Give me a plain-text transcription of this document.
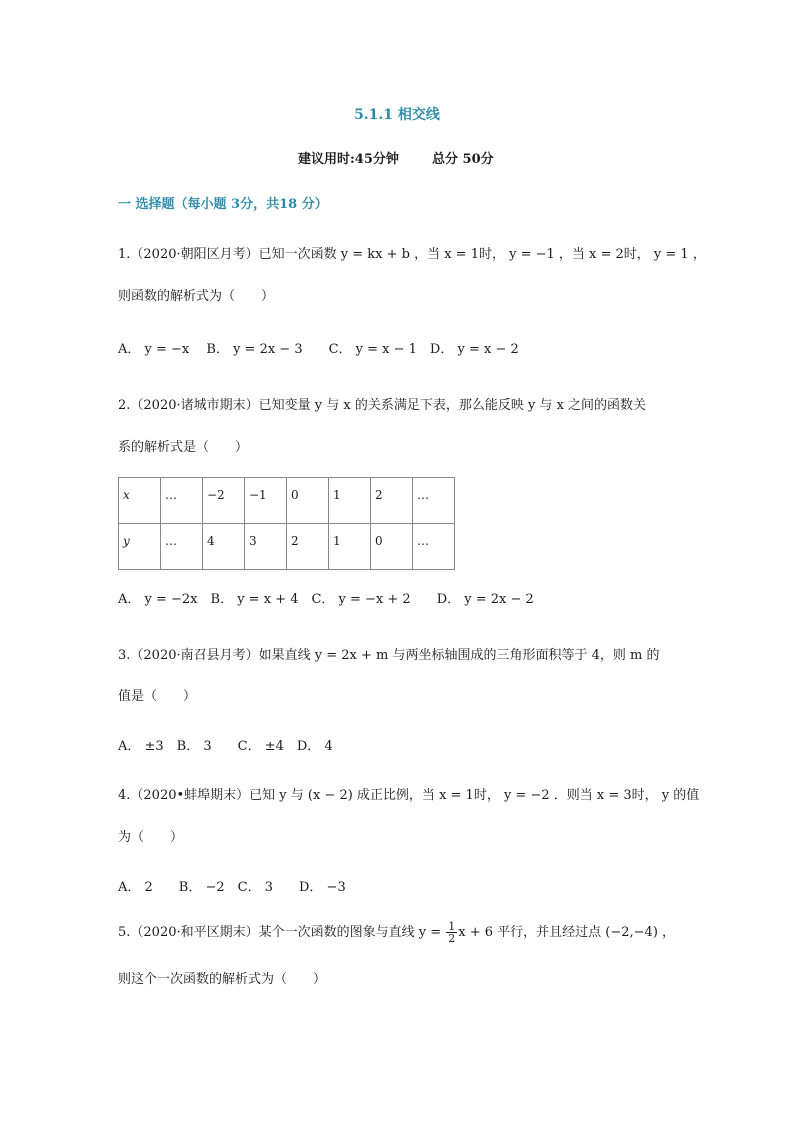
5.1.1 相交线
建议用时:45分钟	总分 50分
一 选择题（每小题 3分，共18 分）
1.（2020·朝阳区月考）已知一次函数 y = kx + b ，当 x = 1时， y = −1 ，当 x = 2时， y = 1 ，
则函数的解析式为（　　）
A． y = −x　 B． y = 2x − 3　　C． y = x − 1　D． y = x − 2
2.（2020·诸城市期末）已知变量 y 与 x 的关系满足下表，那么能反映 y 与 x 之间的函数关
系的解析式是（　　）
x	…	−2	−1	0	1	2	…
y	…	4	3	2	1	0	…
A． y = −2x　B． y = x + 4　C． y = −x + 2　　D． y = 2x − 2
3.（2020·南召县月考）如果直线 y = 2x + m 与两坐标轴围成的三角形面积等于 4，则 m 的
值是（　　）
A． ±3　B． 3　　C． ±4　D． 4
4.（2020•蚌埠期末）已知 y 与 (x − 2) 成正比例，当 x = 1时， y = −2 ．则当 x = 3时， y 的值
为（　　）
A． 2　　B． −2　C． 3　　D． −3
5.（2020·和平区期末）某个一次函数的图象与直线 $y = \frac{1}{2}$ x + 6 平行，并且经过点 (−2,−4) ，
则这个一次函数的解析式为（　　）
